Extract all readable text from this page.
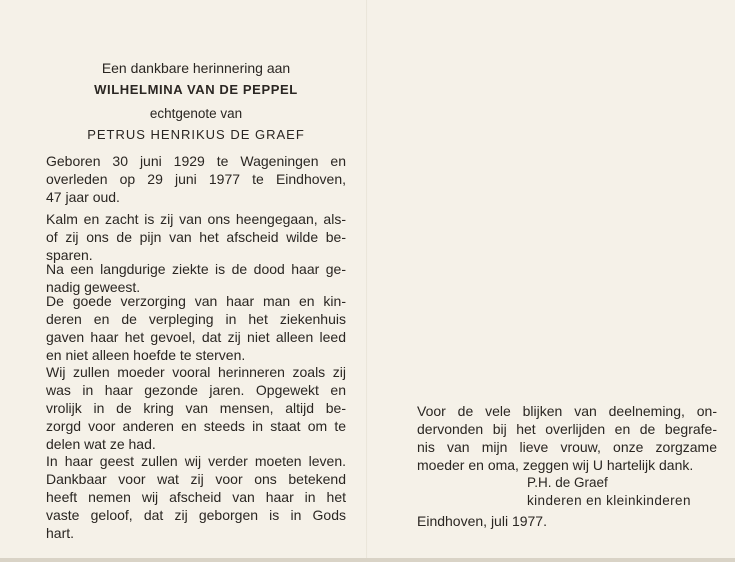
Een dankbare herinnering aan
WILHELMINA VAN DE PEPPEL
echtgenote van
PETRUS HENRIKUS DE GRAEF
Geboren 30 juni 1929 te Wageningen en
overleden op 29 juni 1977 te Eindhoven,
47 jaar oud.
Kalm en zacht is zij van ons heengegaan, als-
of zij ons de pijn van het afscheid wilde be-
sparen.
Na een langdurige ziekte is de dood haar ge-
nadig geweest.
De goede verzorging van haar man en kin-
deren en de verpleging in het ziekenhuis
gaven haar het gevoel, dat zij niet alleen leed
en niet alleen hoefde te sterven.
Wij zullen moeder vooral herinneren zoals zij
was in haar gezonde jaren. Opgewekt en
vrolijk in de kring van mensen, altijd be-
zorgd voor anderen en steeds in staat om te
delen wat ze had.
In haar geest zullen wij verder moeten leven.
Dankbaar voor wat zij voor ons betekend
heeft nemen wij afscheid van haar in het
vaste geloof, dat zij geborgen is in Gods
hart.
Voor de vele blijken van deelneming, on-
dervonden bij het overlijden en de begrafe-
nis van mijn lieve vrouw, onze zorgzame
moeder en oma, zeggen wij U hartelijk dank.
P.H. de Graef
kinderen en kleinkinderen
Eindhoven, juli 1977.
